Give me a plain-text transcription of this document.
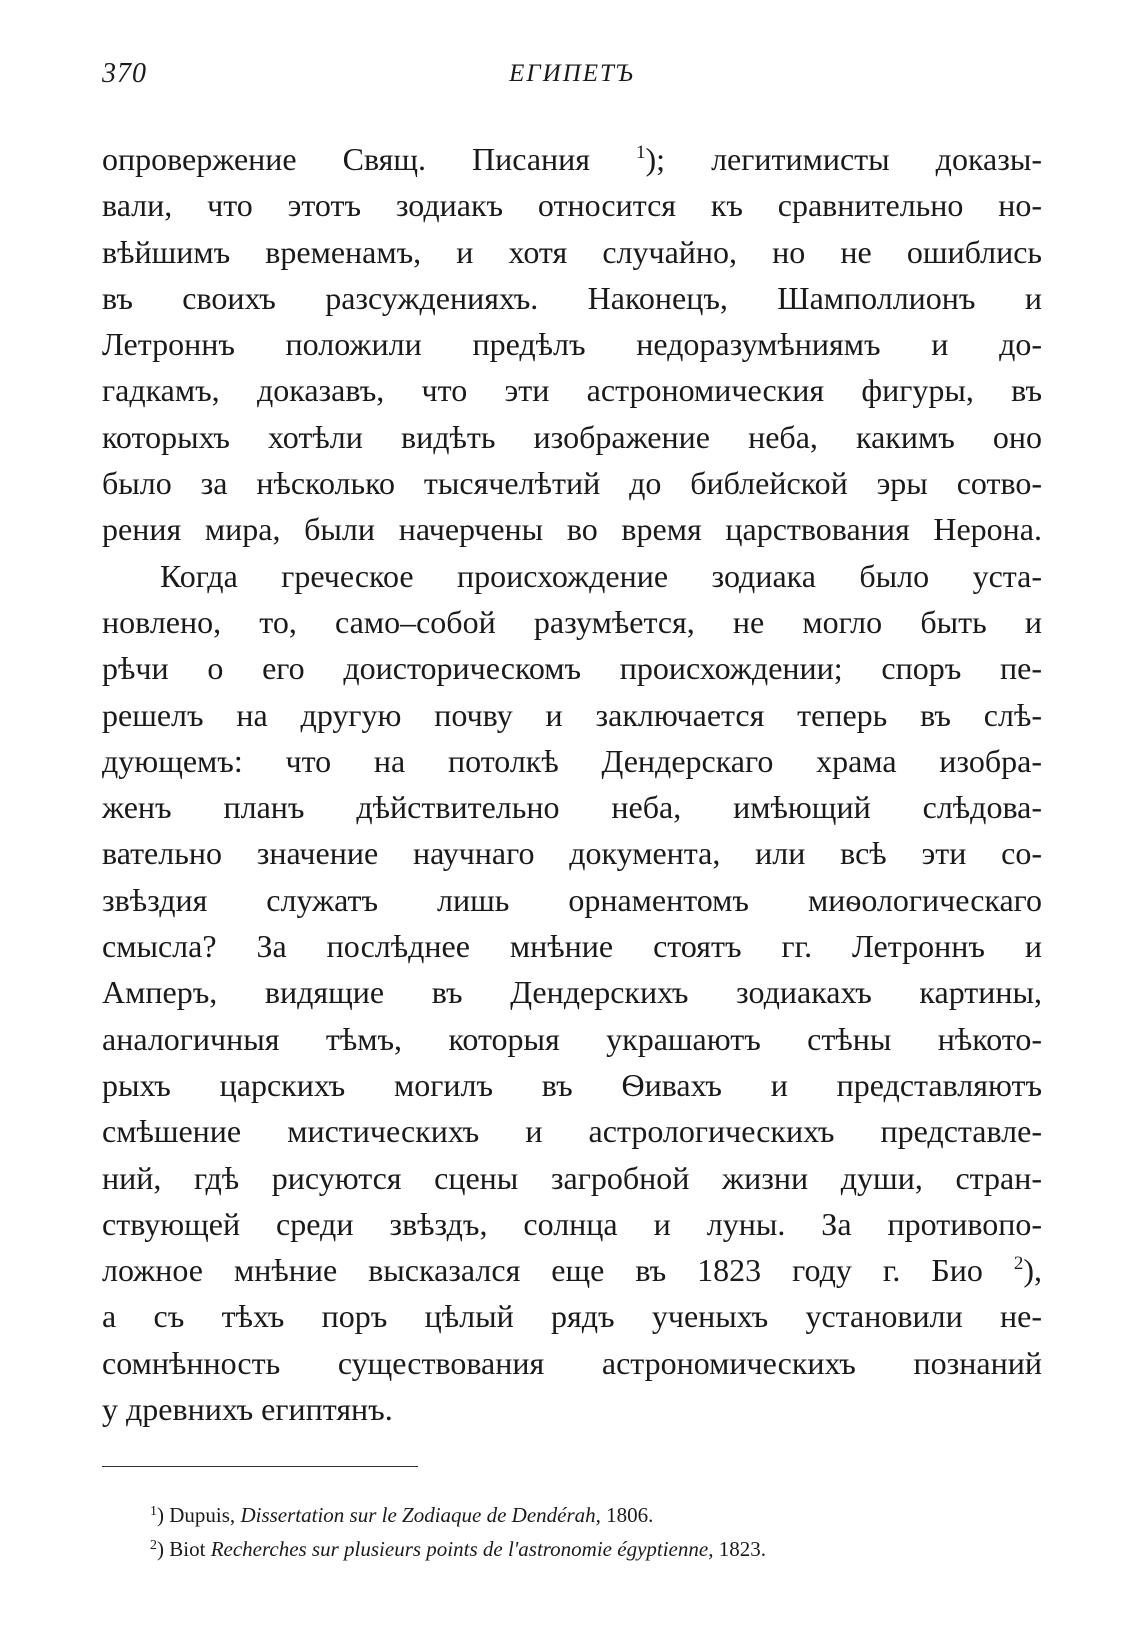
370	ЕГИПЕТЪ

опровержение Свящ. Писания $^1$); легитимисты доказы-
вали, что этотъ зодиакъ относится къ сравнительно но-
вѣйшимъ временамъ, и хотя случайно, но не ошиблись
въ своихъ разсужденияхъ. Наконецъ, Шамполлионъ и
Летроннъ положили предѣлъ недоразумѣниямъ и до-
гадкамъ, доказавъ, что эти астрономическия фигуры, въ
которыхъ хотѣли видѣть изображение неба, какимъ оно
было за нѣсколько тысячелѣтий до библейской эры сотво-
рения мира, были начерчены во время царствования Нерона.

Когда греческое происхождение зодиака было уста-
новлено, то, само–собой разумѣется, не могло быть и
рѣчи о его доисторическомъ происхождении; споръ пе-
решелъ на другую почву и заключается теперь въ слѣ-
дующемъ: что на потолкѣ Дендерскаго храма изобра-
женъ планъ дѣйствительно неба, имѣющий слѣдова-
вательно значение научнаго документа, или всѣ эти со-
звѣздия служатъ лишь орнаментомъ миѳологическаго
смысла? За послѣднее мнѣние стоятъ гг. Летроннъ и
Амперъ, видящие въ Дендерскихъ зодиакахъ картины,
аналогичныя тѣмъ, которыя украшаютъ стѣны нѣкото-
рыхъ царскихъ могилъ въ Ѳивахъ и представляютъ
смѣшение мистическихъ и астрологическихъ представле-
ний, гдѣ рисуются сцены загробной жизни души, стран-
ствующей среди звѣздъ, солнца и луны. За противопо-
ложное мнѣние высказался еще въ 1823 году г. Био $^2$),
а съ тѣхъ поръ цѣлый рядъ ученыхъ установили не-
сомнѣнность существования астрономическихъ познаний
у древнихъ египтянъ.

$^1$) Dupuis, Dissertation sur le Zodiaque de Dendérah, 1806.
$^2$) Biot Recherches sur plusieurs points de l'astronomie égyptienne, 1823.
